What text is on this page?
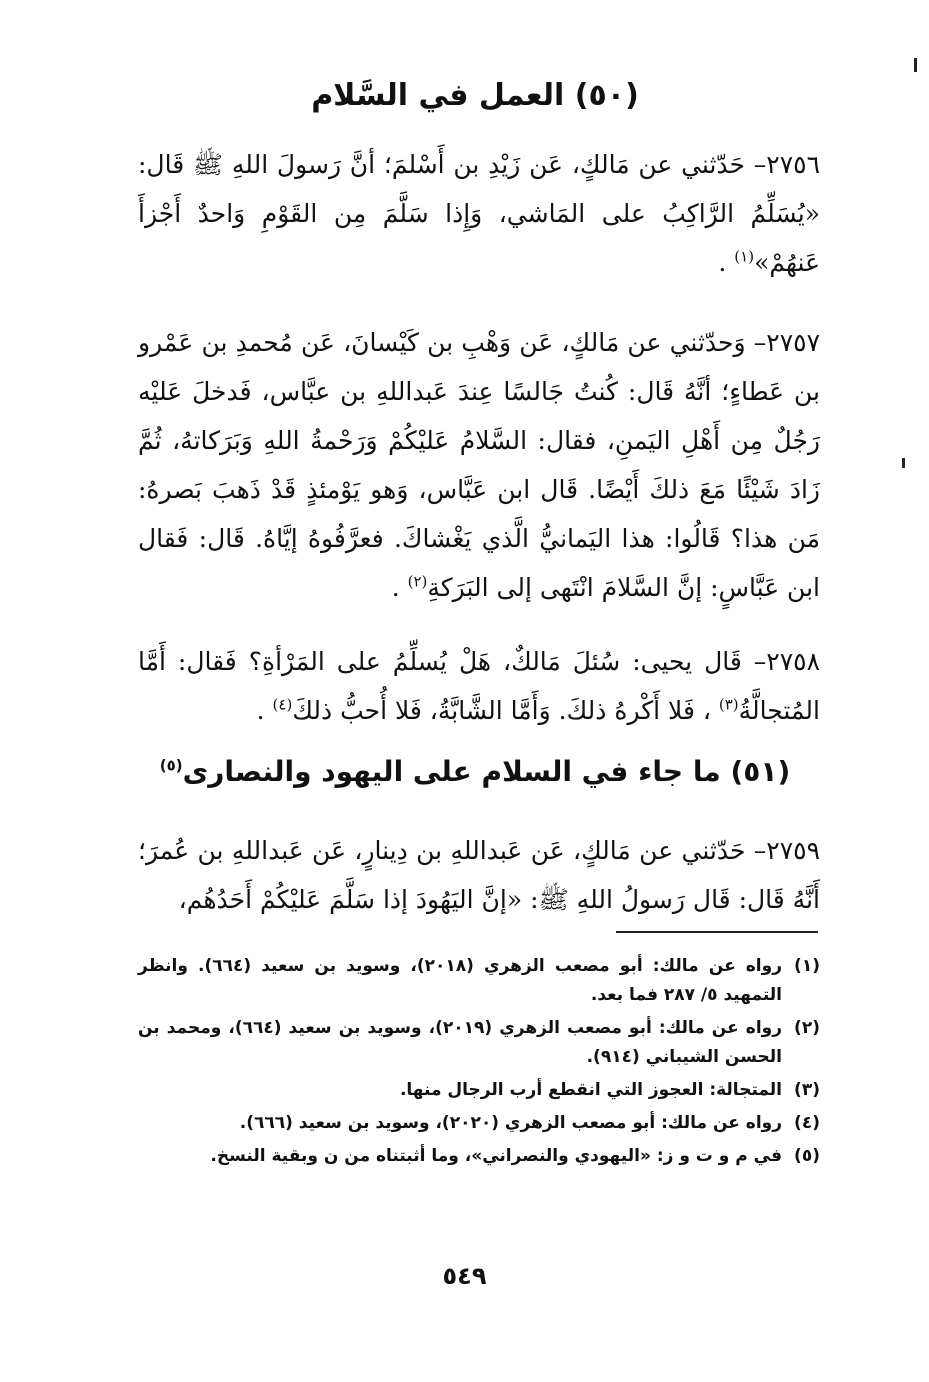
(٥٠) العمل في السَّلام

٢٧٥٦– حَدّثني عن مَالكٍ، عَن زَيْدِ بن أَسْلمَ؛ أنَّ رَسولَ اللهِ ﷺ قَال: «يُسَلِّمُ الرَّاكِبُ على المَاشي، وَإِذا سَلَّمَ مِن القَوْمِ وَاحدٌ أَجْزأَ عَنهُمْ»$^{(١)}$ .

٢٧٥٧– وَحدّثني عن مَالكٍ، عَن وَهْبِ بن كَيْسانَ، عَن مُحمدِ بن عَمْرو بن عَطاءٍ؛ أنَّهُ قَال: كُنتُ جَالسًا عِندَ عَبداللهِ بن عبَّاس، فَدخلَ عَليْه رَجُلٌ مِن أَهْلِ اليَمنِ، فقال: السَّلامُ عَليْكُمْ وَرَحْمةُ اللهِ وَبَرَكاتهُ، ثُمَّ زَادَ شَيْئًا مَعَ ذلكَ أَيْضًا. قَال ابن عَبَّاس، وَهو يَوْمئذٍ قَدْ ذَهبَ بَصرهُ: مَن هذا؟ قَالُوا: هذا اليَمانيُّ الَّذي يَغْشاكَ. فعرَّفُوهُ إيَّاهُ. قَال: فَقال ابن عَبَّاسٍ: إنَّ السَّلامَ انْتَهى إلى البَرَكةِ$^{(٢)}$ .

٢٧٥٨– قَال يحيى: سُئلَ مَالكٌ، هَلْ يُسلِّمُ على المَرْأةِ؟ فَقال: أَمَّا المُتجالَّةُ$^{(٣)}$ ، فَلا أَكْرهُ ذلكَ. وَأَمَّا الشَّابَّةُ، فَلا أُحبُّ ذلكَ$^{(٤)}$ .

(٥١) ما جاء في السلام على اليهود والنصارى$^{(٥)}$

٢٧٥٩– حَدّثني عن مَالكٍ، عَن عَبداللهِ بن دِينارٍ، عَن عَبداللهِ بن عُمرَ؛ أَنَّهُ قَال: قَال رَسولُ اللهِ ﷺ: «إنَّ اليَهُودَ إذا سَلَّمَ عَليْكُمْ أَحَدُهُم،

(١)
رواه عن مالك: أبو مصعب الزهري (٢٠١٨)، وسويد بن سعيد (٦٦٤). وانظر التمهيد ٥/ ٢٨٧ فما بعد.
(٢)
رواه عن مالك: أبو مصعب الزهري (٢٠١٩)، وسويد بن سعيد (٦٦٤)، ومحمد بن الحسن الشيباني (٩١٤).
(٣)
المتجالة: العجوز التي انقطع أرب الرجال منها.
(٤)
رواه عن مالك: أبو مصعب الزهري (٢٠٢٠)، وسويد بن سعيد (٦٦٦).
(٥)
في م و ت و ز: «اليهودي والنصراني»، وما أثبتناه من ن وبقية النسخ.
٥٤٩
